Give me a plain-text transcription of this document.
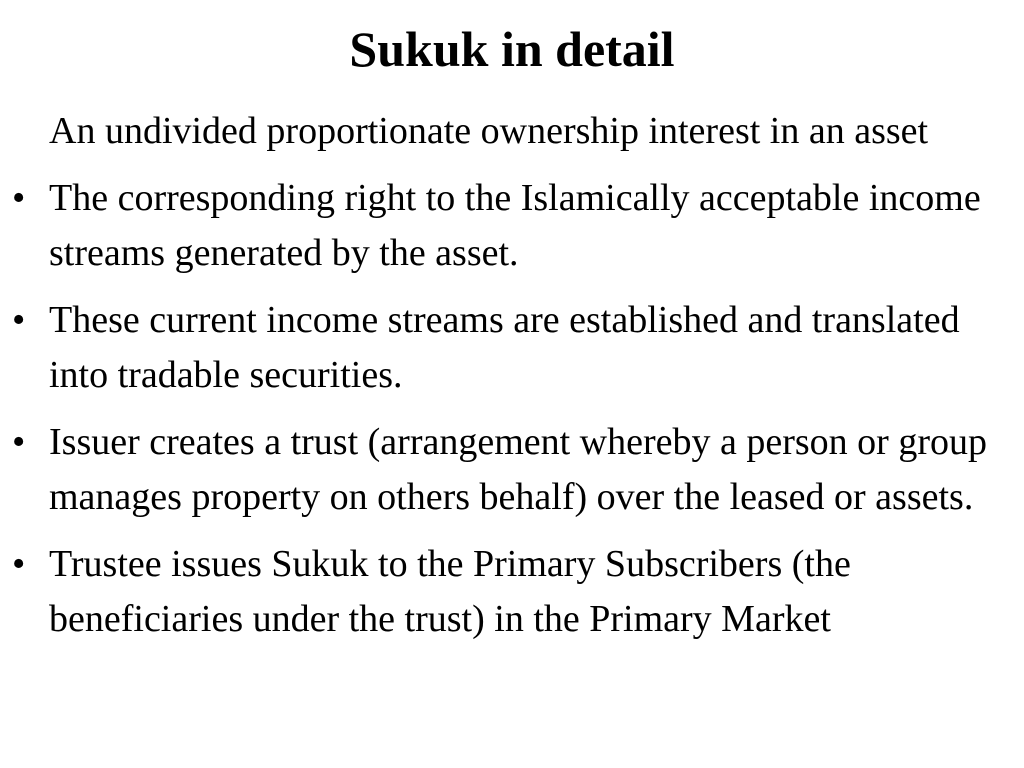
Sukuk in detail

An undivided proportionate ownership interest in an asset

• The corresponding right to the Islamically acceptable income streams generated by the asset.

• These current income streams are established and translated into tradable securities.

• Issuer creates a trust (arrangement whereby a person or group manages property on others behalf) over the leased or assets.

• Trustee issues Sukuk to the Primary Subscribers (the beneficiaries under the trust) in the Primary Market
